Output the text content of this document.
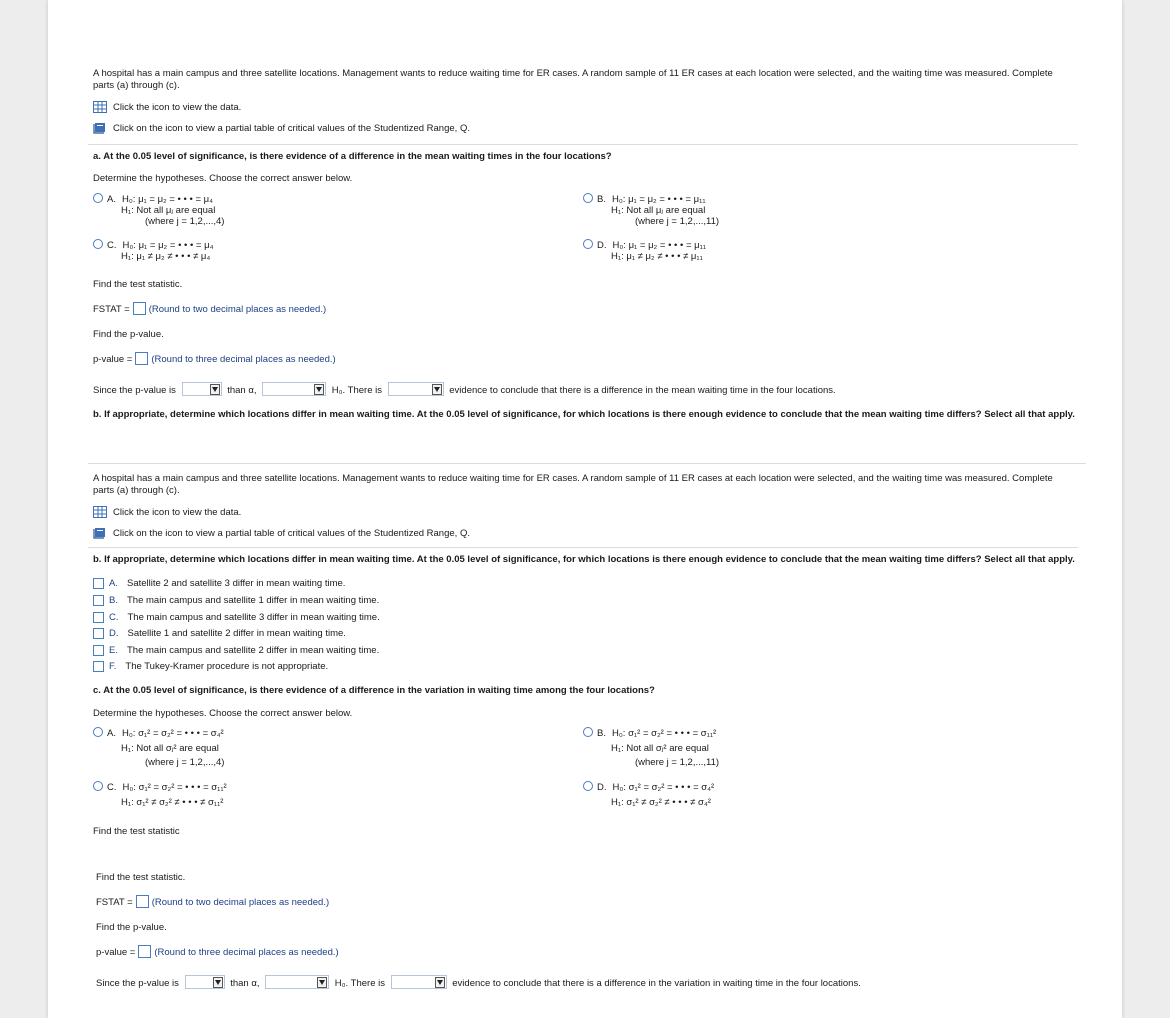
A hospital has a main campus and three satellite locations. Management wants to reduce waiting time for ER cases. A random sample of 11 ER cases at each location were selected, and the waiting time was measured. Complete parts (a) through (c).
Click the icon to view the data.
Click on the icon to view a partial table of critical values of the Studentized Range, Q.
a. At the 0.05 level of significance, is there evidence of a difference in the mean waiting times in the four locations?
Determine the hypotheses. Choose the correct answer below.
A. H₀: μ₁ = μ₂ = • • • = μ₄
H₁: Not all μⱼ are equal
(where j = 1,2,...,4)
B. H₀: μ₁ = μ₂ = • • • = μ₁₁
H₁: Not all μⱼ are equal
(where j = 1,2,...,11)
C. H₀: μ₁ = μ₂ = • • • = μ₄
H₁: μ₁ ≠ μ₂ ≠ • • • ≠ μ₄
D. H₀: μ₁ = μ₂ = • • • = μ₁₁
H₁: μ₁ ≠ μ₂ ≠ • • • ≠ μ₁₁
Find the test statistic.
FSTAT = (Round to two decimal places as needed.)
Find the p-value.
p-value = (Round to three decimal places as needed.)
Since the p-value is	than α,	H₀. There is	evidence to conclude that there is a difference in the mean waiting time in the four locations.
b. If appropriate, determine which locations differ in mean waiting time. At the 0.05 level of significance, for which locations is there enough evidence to conclude that the mean waiting time differs? Select all that apply.
A hospital has a main campus and three satellite locations. Management wants to reduce waiting time for ER cases. A random sample of 11 ER cases at each location were selected, and the waiting time was measured. Complete parts (a) through (c).
Click the icon to view the data.
Click on the icon to view a partial table of critical values of the Studentized Range, Q.
b. If appropriate, determine which locations differ in mean waiting time. At the 0.05 level of significance, for which locations is there enough evidence to conclude that the mean waiting time differs? Select all that apply.
A. Satellite 2 and satellite 3 differ in mean waiting time.
B. The main campus and satellite 1 differ in mean waiting time.
C. The main campus and satellite 3 differ in mean waiting time.
D. Satellite 1 and satellite 2 differ in mean waiting time.
E. The main campus and satellite 2 differ in mean waiting time.
F. The Tukey-Kramer procedure is not appropriate.
c. At the 0.05 level of significance, is there evidence of a difference in the variation in waiting time among the four locations?
Determine the hypotheses. Choose the correct answer below.
A. H₀: σ₁² = σ₂² = • • • = σ₄²
H₁: Not all σⱼ² are equal
(where j = 1,2,...,4)
B. H₀: σ₁² = σ₂² = • • • = σ₁₁²
H₁: Not all σⱼ² are equal
(where j = 1,2,...,11)
C. H₀: σ₁² = σ₂² = • • • = σ₁₁²
H₁: σ₁² ≠ σ₂² ≠ • • • ≠ σ₁₁²
D. H₀: σ₁² = σ₂² = • • • = σ₄²
H₁: σ₁² ≠ σ₂² ≠ • • • ≠ σ₄²
Find the test statistic
Find the test statistic.
FSTAT = (Round to two decimal places as needed.)
Find the p-value.
p-value = (Round to three decimal places as needed.)
Since the p-value is	than α,	H₀. There is	evidence to conclude that there is a difference in the variation in waiting time in the four locations.
